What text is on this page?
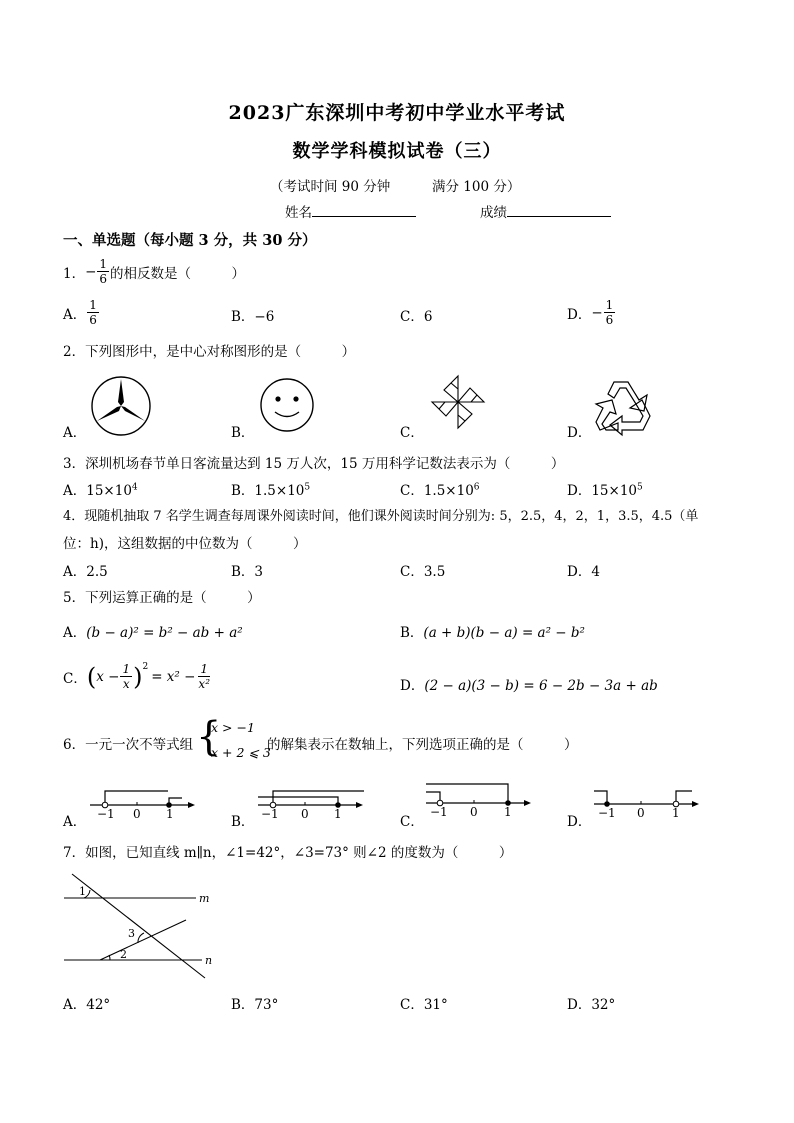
2023广东深圳中考初中学业水平考试
数学学科模拟试卷（三）
（考试时间 90 分钟	满分 100 分）
姓名	成绩
一、单选题（每小题 3 分，共 30 分）
1． − $\frac{1}{6}$ 的相反数是（　　　）
A． $\frac{1}{6}$	B．−6	C．6	D． − $\frac{1}{6}$
2．下列图形中，是中心对称图形的是（　　　）
A．	B．	C．	D．
3．深圳机场春节单日客流量达到 15 万人次，15 万用科学记数法表示为（　　　）
A．$15\times 10^4$	B．$1.5\times 10^5$	C．$1.5\times 10^6$	D．$15\times 10^5$
4．现随机抽取 7 名学生调查每周课外阅读时间，他们课外阅读时间分别为: 5，2.5，4，2，1，3.5，4.5（单
位：h)，这组数据的中位数为（　　　）
A．2.5	B．3	C．3.5	D．4
5．下列运算正确的是（　　　）
A．(b − a)² = b² − ab + a²	B．(a + b)(b − a) = a² − b²
C． ( $x - \frac{1}{x} )^2$
= $x^2 - \frac{1}{\text{x²}}$	D．(2 − a)(3 − b) = 6 − 2b − 3a + ab
6．一元一次不等式组 {
x > −1
x + 2 ⩽ 3
的解集表示在数轴上，下列选项正确的是（　　　）
A．	B．	C．	D．
−1 0 1	−1 0 1	−1 0 1	−1 0 1
7．如图，已知直线 m∥n，∠1=42°，∠3=73° 则∠2 的度数为（　　　）
m
n
1
2
3
A．42°	B．73°	C．31°	D．32°
